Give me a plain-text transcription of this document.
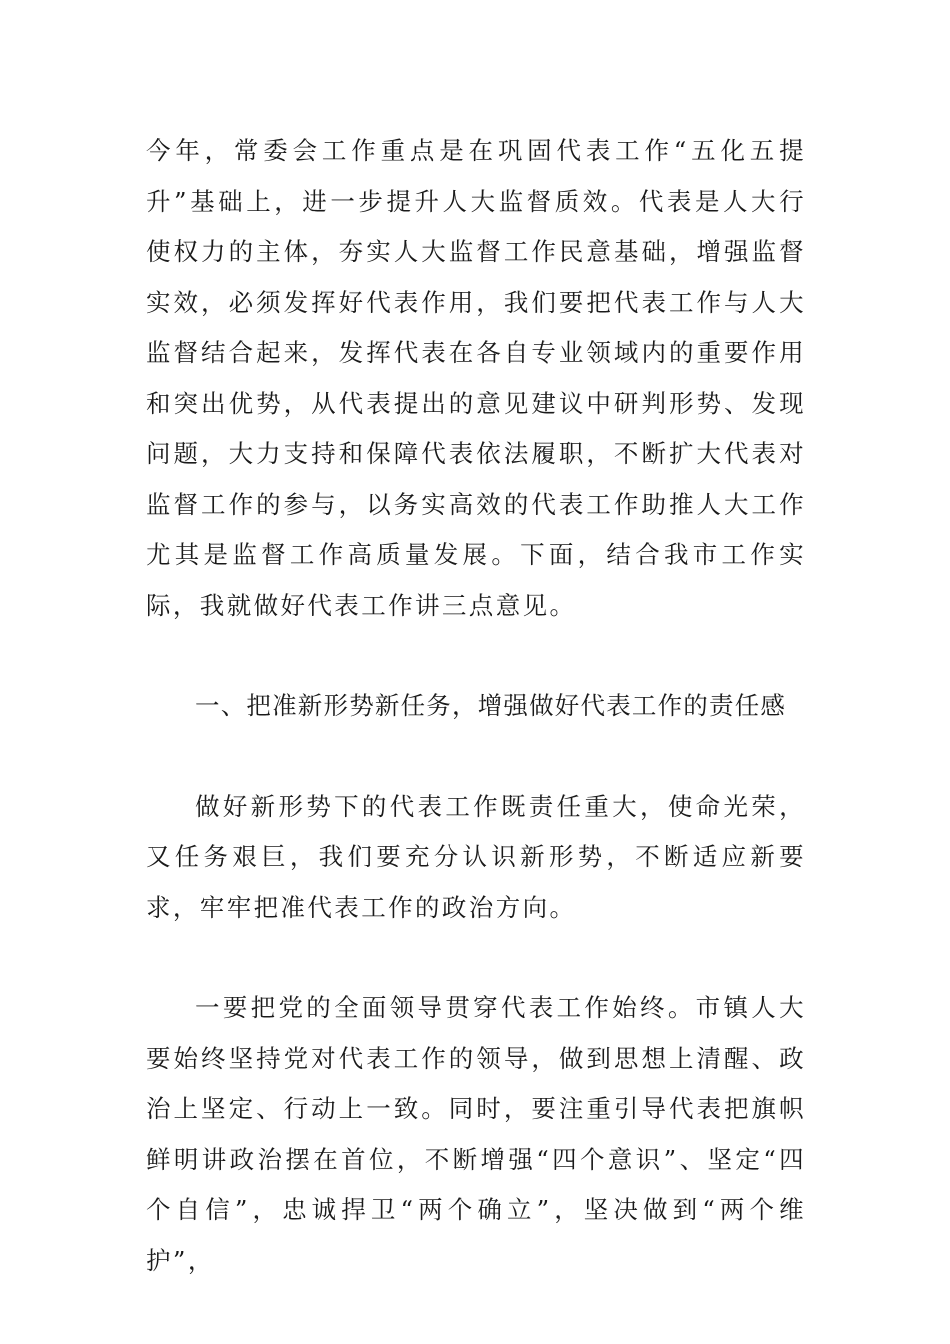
今年，常委会工作重点是在巩固代表工作“五化五提升”基础上，进一步提升人大监督质效。代表是人大行使权力的主体，夯实人大监督工作民意基础，增强监督实效，必须发挥好代表作用，我们要把代表工作与人大监督结合起来，发挥代表在各自专业领域内的重要作用和突出优势，从代表提出的意见建议中研判形势、发现问题，大力支持和保障代表依法履职，不断扩大代表对监督工作的参与，以务实高效的代表工作助推人大工作尤其是监督工作高质量发展。下面，结合我市工作实际，我就做好代表工作讲三点意见。

一、把准新形势新任务，增强做好代表工作的责任感

做好新形势下的代表工作既责任重大，使命光荣，又任务艰巨，我们要充分认识新形势，不断适应新要求，牢牢把准代表工作的政治方向。

一要把党的全面领导贯穿代表工作始终。市镇人大要始终坚持党对代表工作的领导，做到思想上清醒、政治上坚定、行动上一致。同时，要注重引导代表把旗帜鲜明讲政治摆在首位，不断增强“四个意识”、坚定“四个自信”，忠诚捍卫“两个确立”，坚决做到“两个维护”，
